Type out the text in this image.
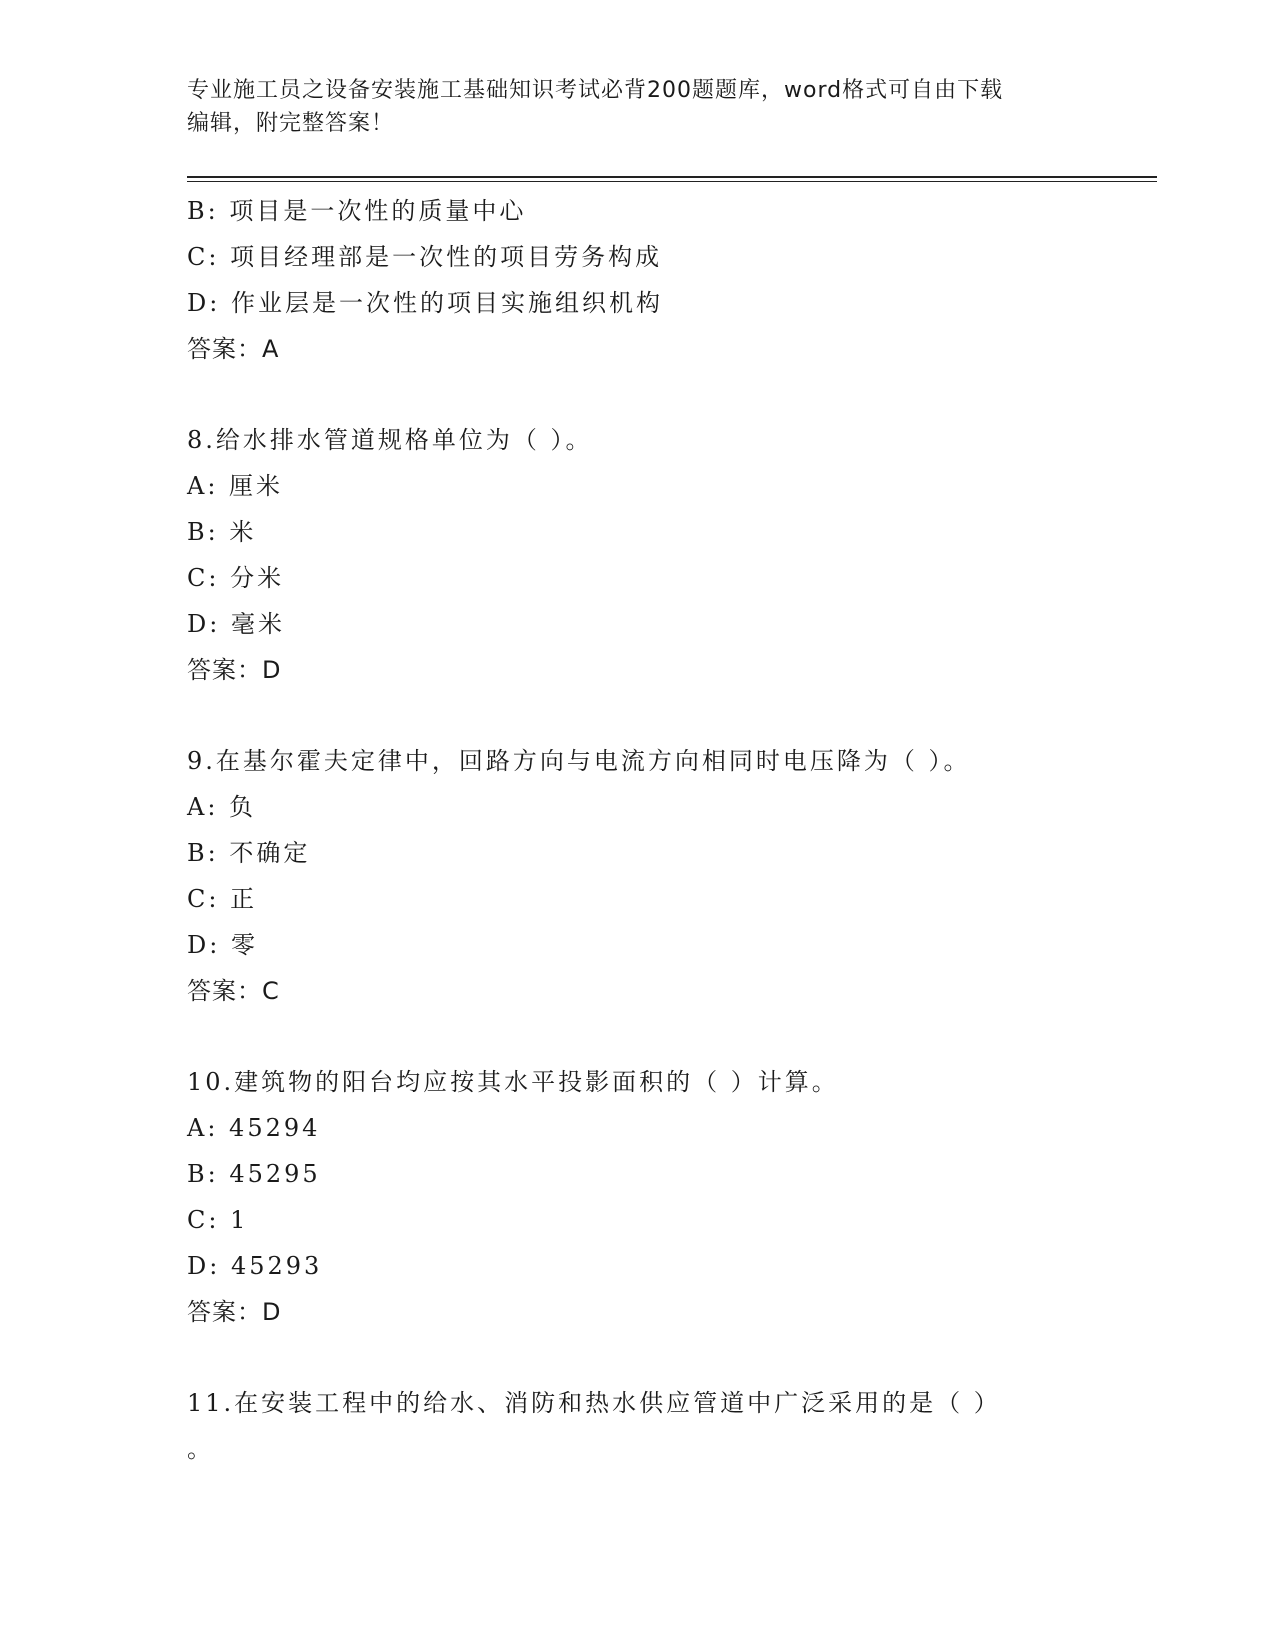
专业施工员之设备安装施工基础知识考试必背200题题库，word格式可自由下载
编辑，附完整答案！
B: 项目是一次性的质量中心
C: 项目经理部是一次性的项目劳务构成
D: 作业层是一次性的项目实施组织机构
答案：A
8.给水排水管道规格单位为（ ）。
A: 厘米
B: 米
C: 分米
D: 毫米
答案：D
9.在基尔霍夫定律中，回路方向与电流方向相同时电压降为（ ）。
A: 负
B: 不确定
C: 正
D: 零
答案：C
10.建筑物的阳台均应按其水平投影面积的（ ）计算。
A: 45294
B: 45295
C: 1
D: 45293
答案：D
11.在安装工程中的给水、消防和热水供应管道中广泛采用的是（ ）
。
